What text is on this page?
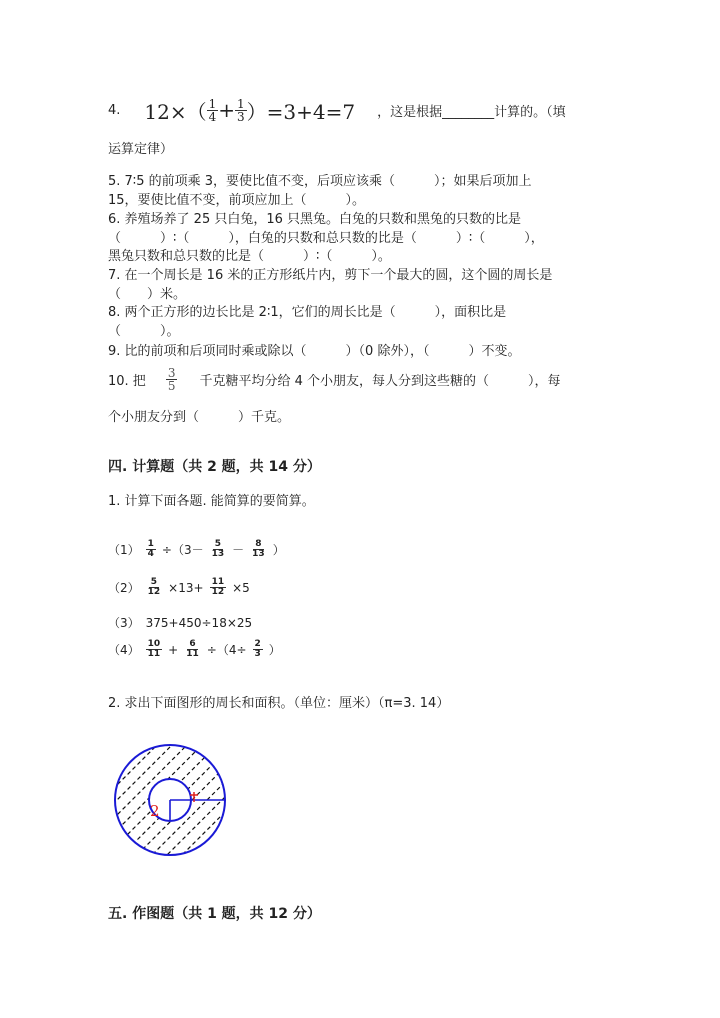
4. $12\times( \frac{1}{4} + \frac{1}{3} )=3+4=7$ ，这是根据________计算的。（填
运算定律）
5. 7∶5 的前项乘 3，要使比值不变，后项应该乘（　　　）；如果后项加上
15，要使比值不变，前项应加上（　　　）。
6. 养殖场养了 25 只白兔，16 只黑兔。白兔的只数和黑兔的只数的比是
（　　　）∶（　　　），白兔的只数和总只数的比是（　　　）∶（　　　），
黑兔只数和总只数的比是（　　　）∶（　　　）。
7. 在一个周长是 16 米的正方形纸片内，剪下一个最大的圆，这个圆的周长是
（　　）米。
8. 两个正方形的边长比是 2∶1，它们的周长比是（　　　），面积比是
（　　　）。
9. 比的前项和后项同时乘或除以（　　　）（0 除外），（　　　）不变。
10. 把 $\frac{3}{5}$ 千克糖平均分给 4 个小朋友，每人分到这些糖的（　　　），每
个小朋友分到（　　　）千克。
四. 计算题（共 2 题，共 14 分）
1. 计算下面各题. 能简算的要简算。
$(1) \frac{1}{4} \div(3- \frac{5}{13} - \frac{8}{13}$ ）
$(2) \frac{5}{12} \times 13+ \frac{11}{12} \times 5$
（3） 375+450÷18×25
$(4) \frac{10}{11} + \frac{6}{11} \div(4\div \frac{2}{3}$ ）
2. 求出下面图形的周长和面积。（单位：厘米）（π=3. 14）
2
五. 作图题（共 1 题，共 12 分）
